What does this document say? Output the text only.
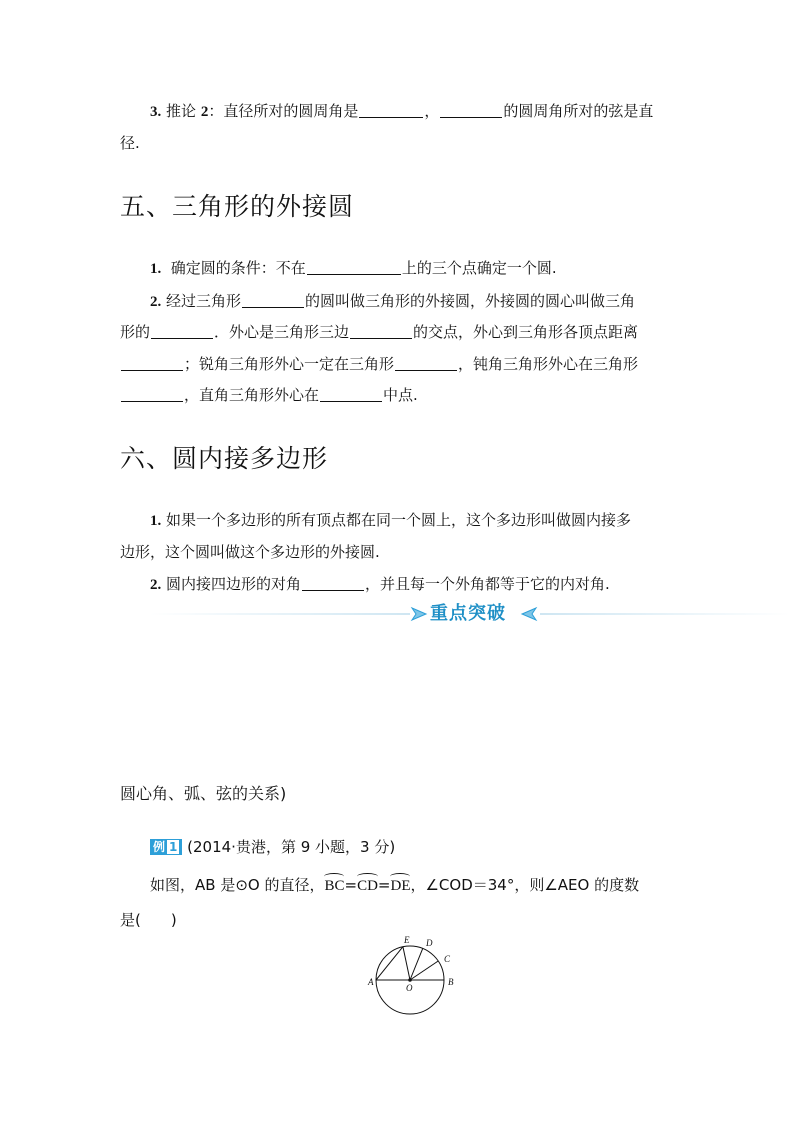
3. 推论 2：直径所对的圆周角是	，	的圆周角所对的弦是直
径.
五、三角形的外接圆
1. 确定圆的条件：不在	上的三个点确定一个圆.
2. 经过三角形	的圆叫做三角形的外接圆，外接圆的圆心叫做三角
形的	．外心是三角形三边	的交点，外心到三角形各顶点距离
；锐角三角形外心一定在三角形	，钝角三角形外心在三角形
，直角三角形外心在	中点.
六、圆内接多边形
1. 如果一个多边形的所有顶点都在同一个圆上，这个多边形叫做圆内接多
边形，这个圆叫做这个多边形的外接圆.
2. 圆内接四边形的对角	，并且每一个外角都等于它的内对角.
重点突破
圆心角、弧、弦的关系)
例 1 (2014·贵港，第 9 小题，3 分)
如图，AB 是⊙O 的直径，BC=CD=DE，∠COD＝34°，则∠AEO 的度数
是(　　)
E D
C
A	B
O
